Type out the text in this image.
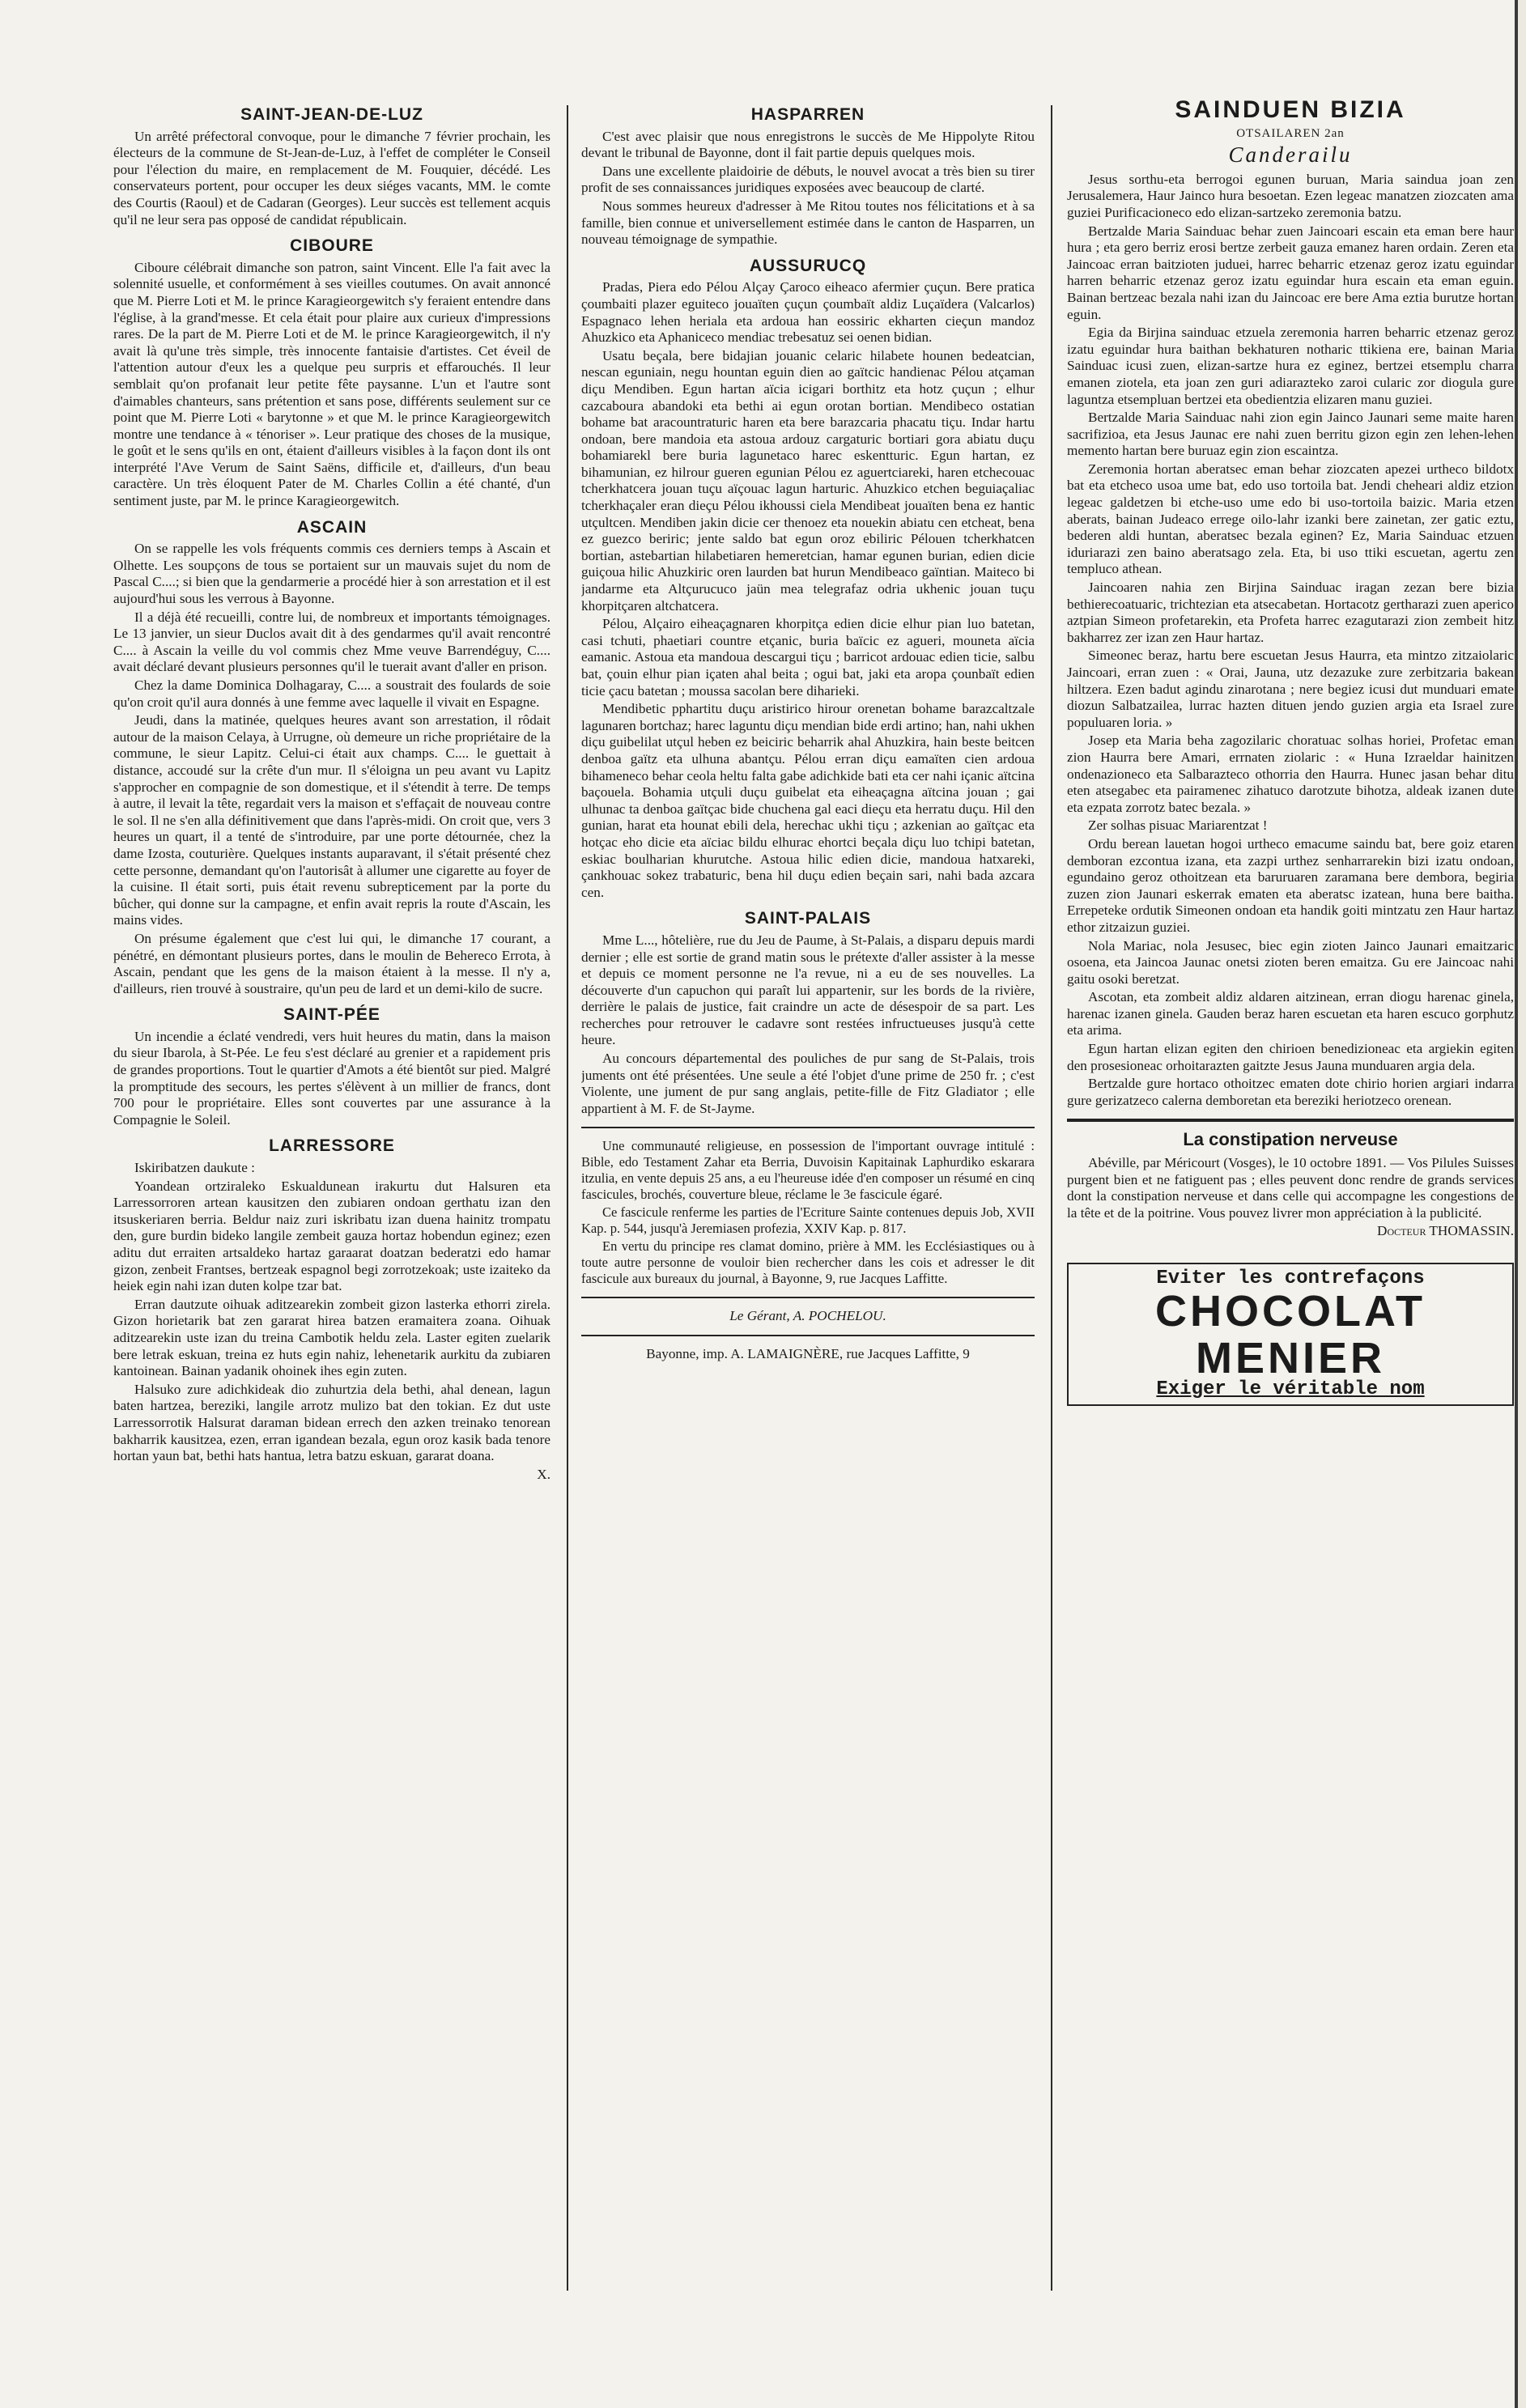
SAINT-JEAN-DE-LUZ

Un arrêté préfectoral convoque, pour le dimanche 7 février prochain, les électeurs de la commune de St-Jean-de-Luz, à l'effet de compléter le Conseil pour l'élection du maire, en remplacement de M. Fouquier, décédé. Les conservateurs portent, pour occuper les deux siéges vacants, MM. le comte des Courtis (Raoul) et de Cadaran (Georges). Leur succès est tellement acquis qu'il ne leur sera pas opposé de candidat républicain.

CIBOURE

Ciboure célébrait dimanche son patron, saint Vincent. Elle l'a fait avec la solennité usuelle, et conformément à ses vieilles coutumes. On avait annoncé que M. Pierre Loti et M. le prince Karagieorgewitch s'y feraient entendre dans l'église, à la grand'messe. Et cela était pour plaire aux curieux d'impressions rares. De la part de M. Pierre Loti et de M. le prince Karagieorgewitch, il n'y avait là qu'une très simple, très innocente fantaisie d'artistes. Cet éveil de l'attention autour d'eux les a quelque peu surpris et effarouchés. Il leur semblait qu'on profanait leur petite fête paysanne. L'un et l'autre sont d'aimables chanteurs, sans prétention et sans pose, différents seulement sur ce point que M. Pierre Loti « barytonne » et que M. le prince Karagieorgewitch montre une tendance à « ténoriser ». Leur pratique des choses de la musique, le goût et le sens qu'ils en ont, étaient d'ailleurs visibles à la façon dont ils ont interprété l'Ave Verum de Saint Saëns, difficile et, d'ailleurs, d'un beau caractère. Un très éloquent Pater de M. Charles Collin a été chanté, d'un sentiment juste, par M. le prince Karagieorgewitch.

ASCAIN

On se rappelle les vols fréquents commis ces derniers temps à Ascain et Olhette. Les soupçons de tous se portaient sur un mauvais sujet du nom de Pascal C....; si bien que la gendarmerie a procédé hier à son arrestation et il est aujourd'hui sous les verrous à Bayonne.

Il a déjà été recueilli, contre lui, de nombreux et importants témoignages. Le 13 janvier, un sieur Duclos avait dit à des gendarmes qu'il avait rencontré C.... à Ascain la veille du vol commis chez Mme veuve Barrendéguy, C.... avait déclaré devant plusieurs personnes qu'il le tuerait avant d'aller en prison.

Chez la dame Dominica Dolhagaray, C.... a soustrait des foulards de soie qu'on croit qu'il aura donnés à une femme avec laquelle il vivait en Espagne.

Jeudi, dans la matinée, quelques heures avant son arrestation, il rôdait autour de la maison Celaya, à Urrugne, où demeure un riche propriétaire de la commune, le sieur Lapitz. Celui-ci était aux champs. C.... le guettait à distance, accoudé sur la crête d'un mur. Il s'éloigna un peu avant vu Lapitz s'approcher en compagnie de son domestique, et il s'étendit à terre. De temps à autre, il levait la tête, regardait vers la maison et s'effaçait de nouveau contre le sol. Il ne s'en alla définitivement que dans l'après-midi. On croit que, vers 3 heures un quart, il a tenté de s'introduire, par une porte détournée, chez la dame Izosta, couturière. Quelques instants auparavant, il s'était présenté chez cette personne, demandant qu'on l'autorisât à allumer une cigarette au foyer de la cuisine. Il était sorti, puis était revenu subrepticement par la porte du bûcher, qui donne sur la campagne, et enfin avait repris la route d'Ascain, les mains vides.

On présume également que c'est lui qui, le dimanche 17 courant, a pénétré, en démontant plusieurs portes, dans le moulin de Behereco Errota, à Ascain, pendant que les gens de la maison étaient à la messe. Il n'y a, d'ailleurs, rien trouvé à soustraire, qu'un peu de lard et un demi-kilo de sucre.

SAINT-PÉE

Un incendie a éclaté vendredi, vers huit heures du matin, dans la maison du sieur Ibarola, à St-Pée. Le feu s'est déclaré au grenier et a rapidement pris de grandes proportions. Tout le quartier d'Amots a été bientôt sur pied. Malgré la promptitude des secours, les pertes s'élèvent à un millier de francs, dont 700 pour le propriétaire. Elles sont couvertes par une assurance à la Compagnie le Soleil.

LARRESSORE

Iskiribatzen daukute :

Yoandean ortziraleko Eskualdunean irakurtu dut Halsuren eta Larressorroren artean kausitzen den zubiaren ondoan gerthatu izan den itsuskeriaren berria. Beldur naiz zuri iskribatu izan duena hainitz trompatu den, gure burdin bideko langile zembeit gauza hortaz hobendun eginez; ezen aditu dut erraiten artsaldeko hartaz garaarat doatzan bederatzi edo hamar gizon, zenbeit Frantses, bertzeak espagnol begi zorrotzekoak; uste izaiteko da heiek egin nahi izan duten kolpe tzar bat.

Erran dautzute oihuak aditzearekin zombeit gizon lasterka ethorri zirela. Gizon horietarik bat zen gararat hirea batzen eramaitera zoana. Oihuak aditzearekin uste izan du treina Cambotik heldu zela. Laster egiten zuelarik bere letrak eskuan, treina ez huts egin nahiz, lehenetarik aurkitu da zubiaren kantoinean. Bainan yadanik ohoinek ihes egin zuten.

Halsuko zure adichkideak dio zuhurtzia dela bethi, ahal denean, lagun baten hartzea, bereziki, langile arrotz mulizo bat den tokian. Ez dut uste Larressorrotik Halsurat daraman bidean errech den azken treinako tenorean bakharrik kausitzea, ezen, erran igandean bezala, egun oroz kasik bada tenore hortan yaun bat, bethi hats hantua, letra batzu eskuan, gararat doana.

X.
HASPARREN

C'est avec plaisir que nous enregistrons le succès de Me Hippolyte Ritou devant le tribunal de Bayonne, dont il fait partie depuis quelques mois.

Dans une excellente plaidoirie de débuts, le nouvel avocat a très bien su tirer profit de ses connaissances juridiques exposées avec beaucoup de clarté.

Nous sommes heureux d'adresser à Me Ritou toutes nos félicitations et à sa famille, bien connue et universellement estimée dans le canton de Hasparren, un nouveau témoignage de sympathie.

AUSSURUCQ

Pradas, Piera edo Pélou Alçay Çaroco eiheaco afermier çuçun. Bere pratica çoumbaiti plazer eguiteco jouaïten çuçun çoumbaït aldiz Luçaïdera (Valcarlos) Espagnaco lehen heriala eta ardoua han eossiric ekharten cieçun mandoz Ahuzkico eta Aphaniceco mendiac trebesatuz sei oenen bidian.

Usatu beçala, bere bidajian jouanic celaric hilabete hounen bedeatcian, nescan eguniain, negu hountan eguin dien ao gaïtcic handienac Pélou atçaman diçu Mendiben. Egun hartan aïcia icigari borthitz eta hotz çuçun ; elhur cazcaboura abandoki eta bethi ai egun orotan bortian. Mendibeco ostatian bohame bat aracountraturic haren eta bere barazcaria phacatu tiçu. Indar hartu ondoan, bere mandoia eta astoua ardouz cargaturic bortiari gora abiatu duçu bohamiarekl bere buria lagunetaco harec eskentturic. Egun hartan, ez bihamunian, ez hilrour gueren egunian Pélou ez aguertciareki, haren etchecouac tcherkhatcera jouan tuçu aïçouac lagun harturic. Ahuzkico etchen beguiaçaliac tcherkhaçaler eran dieçu Pélou ikhoussi ciela Mendibeat jouaïten bena ez hantic utçultcen. Mendiben jakin dicie cer thenoez eta nouekin abiatu cen etcheat, bena ez guezco beriric; jente saldo bat egun oroz ebiliric Pélouen tcherkhatcen bortian, astebartian hilabetiaren hemeretcian, hamar egunen burian, edien dicie guiçoua hilic Ahuzkiric oren laurden bat hurun Mendibeaco gaïntian. Maiteco bi jandarme eta Altçurucuco jaün mea telegrafaz odria ukhenic jouan tuçu khorpitçaren altchatcera.

Pélou, Alçairo eiheaçagnaren khorpitça edien dicie elhur pian luo batetan, casi tchuti, phaetiari countre etçanic, buria baïcic ez agueri, mouneta aïcia eamanic. Astoua eta mandoua descargui tiçu ; barricot ardouac edien ticie, salbu bat, çouin elhur pian içaten ahal beita ; ogui bat, jaki eta aropa çounbaït edien ticie çacu batetan ; moussa sacolan bere diharieki.

Mendibetic pphartitu duçu aristirico hirour orenetan bohame barazcaltzale lagunaren bortchaz; harec laguntu diçu mendian bide erdi artino; han, nahi ukhen diçu guibelilat utçul heben ez beiciric beharrik ahal Ahuzkira, hain beste beitcen denboa gaïtz eta ulhuna abantçu. Pélou erran diçu eamaïten cien ardoua bihameneco behar ceola heltu falta gabe adichkide bati eta cer nahi içanic aïtcina baçouela. Bohamia utçuli duçu guibelat eta eiheaçagna aïtcina jouan ; gai ulhunac ta denboa gaïtçac bide chuchena gal eaci dieçu eta herratu duçu. Hil den gunian, harat eta hounat ebili dela, herechac ukhi tiçu ; azkenian ao gaïtçac eta hotçac eho dicie eta aïciac bildu elhurac ehortci beçala diçu luo tchipi batetan, eskiac boulharian khurutche. Astoua hilic edien dicie, mandoua hatxareki, çankhouac sokez trabaturic, bena hil duçu edien beçain sari, nahi bada azcara cen.

SAINT-PALAIS

Mme L..., hôtelière, rue du Jeu de Paume, à St-Palais, a disparu depuis mardi dernier ; elle est sortie de grand matin sous le prétexte d'aller assister à la messe et depuis ce moment personne ne l'a revue, ni a eu de ses nouvelles. La découverte d'un capuchon qui paraît lui appartenir, sur les bords de la rivière, derrière le palais de justice, fait craindre un acte de désespoir de sa part. Les recherches pour retrouver le cadavre sont restées infructueuses jusqu'à cette heure.

Au concours départemental des pouliches de pur sang de St-Palais, trois juments ont été présentées. Une seule a été l'objet d'une prime de 250 fr. ; c'est Violente, une jument de pur sang anglais, petite-fille de Fitz Gladiator ; elle appartient à M. F. de St-Jayme.

Une communauté religieuse, en possession de l'important ouvrage intitulé : Bible, edo Testament Zahar eta Berria, Duvoisin Kapitainak Laphurdiko eskarara itzulia, en vente depuis 25 ans, a eu l'heureuse idée d'en composer un résumé en cinq fascicules, brochés, couverture bleue, réclame le 3e fascicule égaré.

Ce fascicule renferme les parties de l'Ecriture Sainte contenues depuis Job, XVII Kap. p. 544, jusqu'à Jeremiasen profezia, XXIV Kap. p. 817.

En vertu du principe res clamat domino, prière à MM. les Ecclésiastiques ou à toute autre personne de vouloir bien rechercher dans les cois et adresser le dit fascicule aux bureaux du journal, à Bayonne, 9, rue Jacques Laffitte.

Le Gérant, A. POCHELOU.
Bayonne, imp. A. LAMAIGNÈRE, rue Jacques Laffitte, 9
SAINDUEN BIZIA
OTSAILAREN 2an
Canderailu

Jesus sorthu-eta berrogoi egunen buruan, Maria saindua joan zen Jerusalemera, Haur Jainco hura besoetan. Ezen legeac manatzen ziozcaten ama guziei Purificacioneco edo elizan-sartzeko zeremonia batzu.

Bertzalde Maria Sainduac behar zuen Jaincoari escain eta eman bere haur hura ; eta gero berriz erosi bertze zerbeit gauza emanez haren ordain. Zeren eta Jaincoac erran baitzioten juduei, harrec beharric etzenaz geroz izatu eguindar harren beharric etzenaz geroz izatu eguindar hura escain eta eman eguin. Bainan bertzeac bezala nahi izan du Jaincoac ere bere Ama eztia burutze hortan eguin.

Egia da Birjina sainduac etzuela zeremonia harren beharric etzenaz geroz izatu eguindar hura baithan bekhaturen notharic ttikiena ere, bainan Maria Sainduac icusi zuen, elizan-sartze hura ez eginez, bertzei etsemplu charra emanen ziotela, eta joan zen guri adiarazteko zaroi cularic zor diogula gure laguntza etsempluan bertzei eta obedientzia elizaren manu guziei.

Bertzalde Maria Sainduac nahi zion egin Jainco Jaunari seme maite haren sacrifizioa, eta Jesus Jaunac ere nahi zuen berritu gizon egin zen lehen-lehen memento hartan bere buruaz egin zion escaintza.

Zeremonia hortan aberatsec eman behar ziozcaten apezei urtheco bildotx bat eta etcheco usoa ume bat, edo uso tortoila bat. Jendi cheheari aldiz etzion legeac galdetzen bi etche-uso ume edo bi uso-tortoila baizic. Maria etzen aberats, bainan Judeaco errege oilo-lahr izanki bere zainetan, zer gatic eztu, bederen aldi huntan, aberatsec bezala eginen? Ez, Maria Sainduac etzuen iduriarazi zen baino aberatsago zela. Eta, bi uso ttiki escuetan, agertu zen templuco athean.

Jaincoaren nahia zen Birjina Sainduac iragan zezan bere bizia bethierecoatuaric, trichtezian eta atsecabetan. Hortacotz gertharazi zuen aperico aztpian Simeon profetarekin, eta Profeta harrec ezagutarazi zion zembeit hitz bakharrez zer izan zen Haur hartaz.

Simeonec beraz, hartu bere escuetan Jesus Haurra, eta mintzo zitzaiolaric Jaincoari, erran zuen : « Orai, Jauna, utz dezazuke zure zerbitzaria bakean hiltzera. Ezen badut agindu zinarotana ; nere begiez icusi dut munduari emate diozun Salbatzailea, lurrac hazten dituen jendo guzien argia eta Israel zure populuaren loria. »

Josep eta Maria beha zagozilaric choratuac solhas horiei, Profetac eman zion Haurra bere Amari, errnaten ziolaric : « Huna Izraeldar hainitzen ondenazioneco eta Salbarazteco othorria den Haurra. Hunec jasan behar ditu eten atsegabec eta pairamenec zihatuco darotzute bihotza, aldeak izanen dute eta ezpata zorrotz batec bezala. »

Zer solhas pisuac Mariarentzat !

Ordu berean lauetan hogoi urtheco emacume saindu bat, bere goiz etaren demboran ezcontua izana, eta zazpi urthez senharrarekin bizi izatu ondoan, egundaino geroz othoitzean eta baruruaren zaramana bere dembora, begiria zuzen zion Jaunari eskerrak ematen eta aberatsc izatean, huna bere baitha. Errepeteke ordutik Simeonen ondoan eta handik goiti mintzatu zen Haur hartaz ethor zitzaizun guziei.

Nola Mariac, nola Jesusec, biec egin zioten Jainco Jaunari emaitzaric osoena, eta Jaincoa Jaunac onetsi zioten beren emaitza. Gu ere Jaincoac nahi gaitu osoki beretzat.

Ascotan, eta zombeit aldiz aldaren aitzinean, erran diogu harenac ginela, harenac izanen ginela. Gauden beraz haren escuetan eta haren escuco gorphutz eta arima.

Egun hartan elizan egiten den chirioen benedizioneac eta argiekin egiten den prosesioneac orhoitarazten gaitzte Jesus Jauna munduaren argia dela.

Bertzalde gure hortaco othoitzec ematen dote chirio horien argiari indarra gure gerizatzeco calerna demboretan eta bereziki heriotzeco orenean.

La constipation nerveuse

Abéville, par Méricourt (Vosges), le 10 octobre 1891. — Vos Pilules Suisses purgent bien et ne fatiguent pas ; elles peuvent donc rendre de grands services dont la constipation nerveuse et dans celle qui accompagne les congestions de la tête et de la poitrine. Vous pouvez livrer mon appréciation à la publicité.

Docteur THOMASSIN.
Eviter les contrefaçons
CHOCOLAT
MENIER
Exiger le véritable nom
